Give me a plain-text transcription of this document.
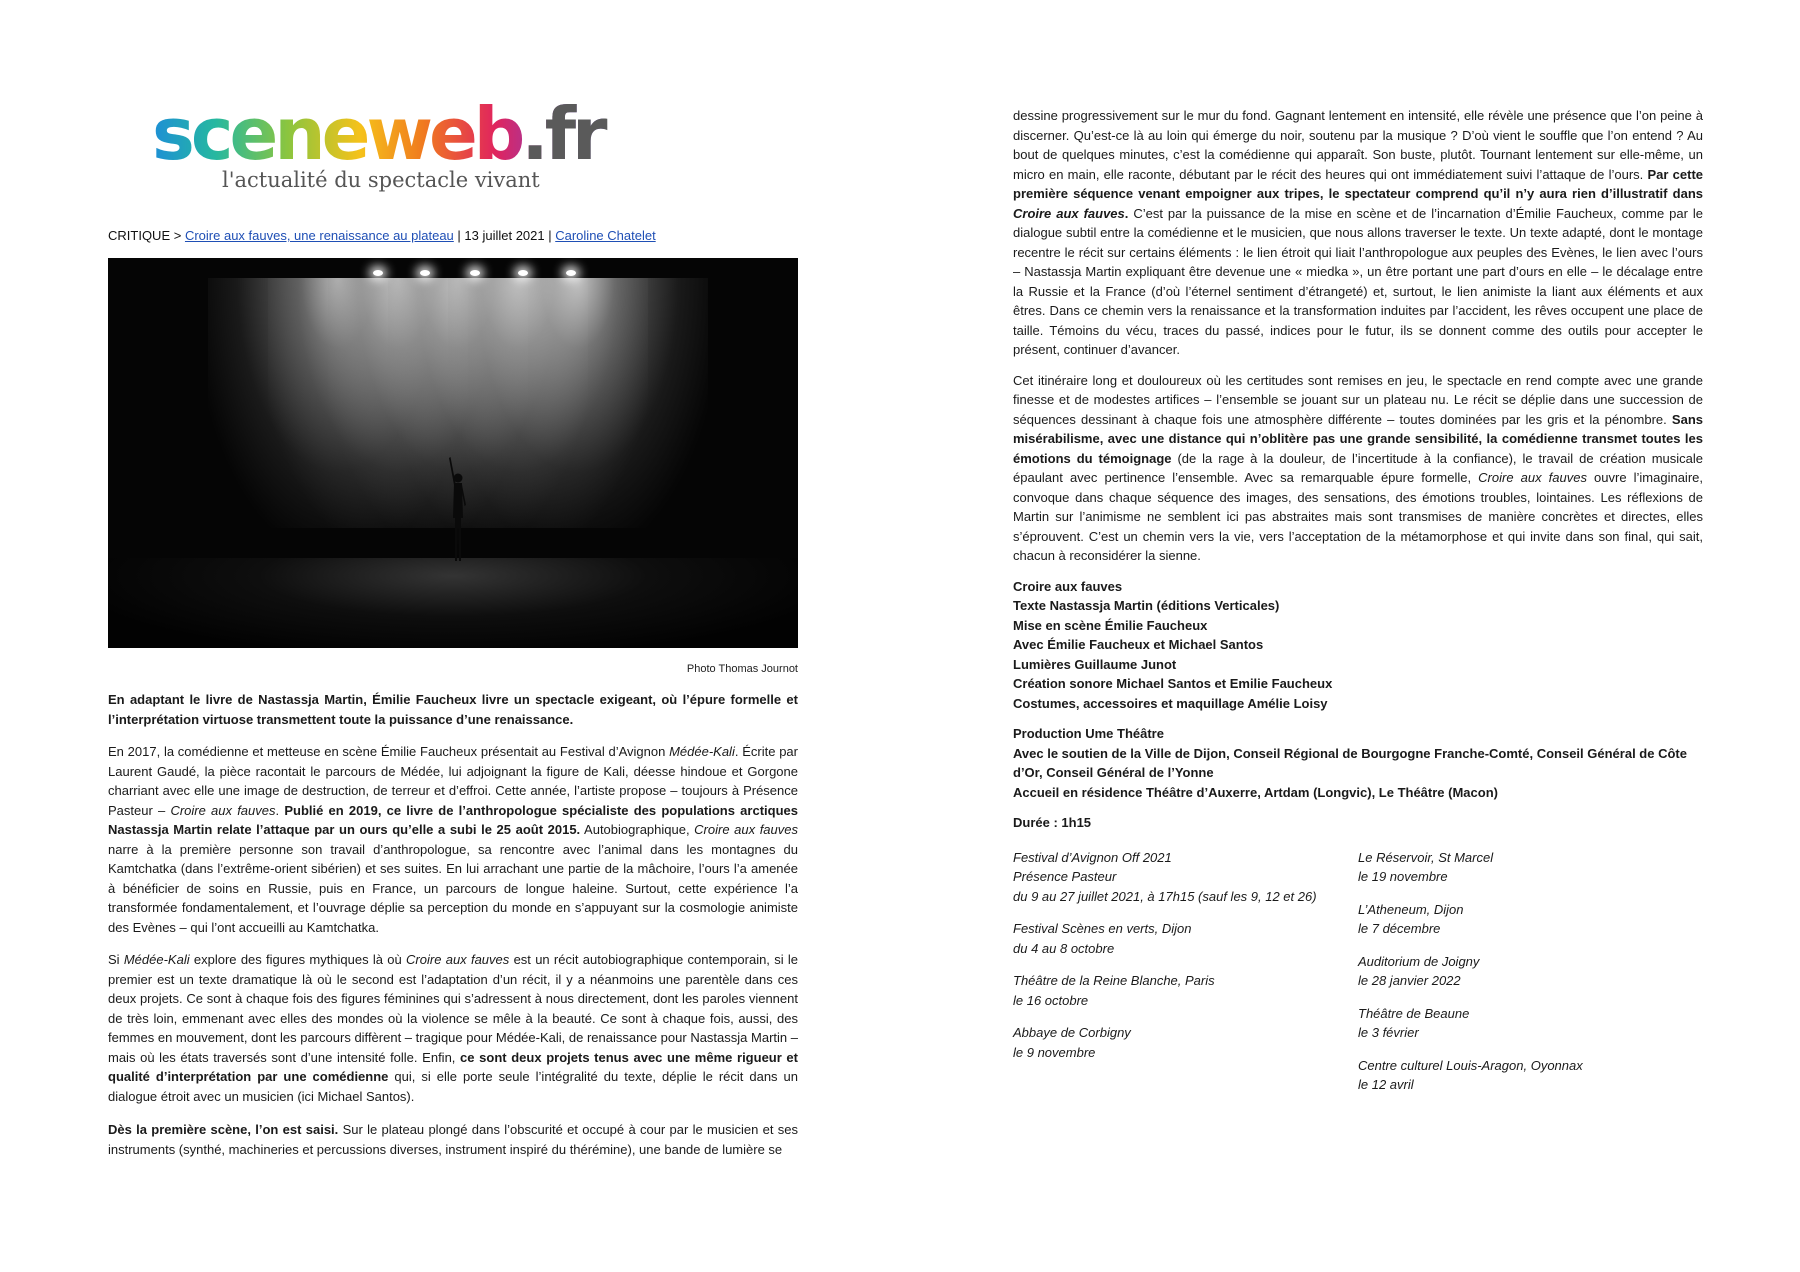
sceneweb.fr
l'actualité du spectacle vivant
CRITIQUE > Croire aux fauves, une renaissance au plateau | 13 juillet 2021 | Caroline Chatelet
Photo Thomas Journot

En adaptant le livre de Nastassja Martin, Émilie Faucheux livre un spectacle exigeant, où l’épure formelle et l’interprétation virtuose transmettent toute la puissance d’une renaissance.

En 2017, la comédienne et metteuse en scène Émilie Faucheux présentait au Festival d’Avignon Médée-Kali. Écrite par Laurent Gaudé, la pièce racontait le parcours de Médée, lui adjoignant la figure de Kali, déesse hindoue et Gorgone charriant avec elle une image de destruction, de terreur et d’effroi. Cette année, l’artiste propose – toujours à Présence Pasteur – Croire aux fauves. Publié en 2019, ce livre de l’anthropologue spécialiste des populations arctiques Nastassja Martin relate l’attaque par un ours qu’elle a subi le 25 août 2015. Autobiographique, Croire aux fauves narre à la première personne son travail d’anthropologue, sa rencontre avec l’animal dans les montagnes du Kamtchatka (dans l’extrême-orient sibérien) et ses suites. En lui arrachant une partie de la mâchoire, l’ours l’a amenée à bénéficier de soins en Russie, puis en France, un parcours de longue haleine. Surtout, cette expérience l’a transformée fondamentalement, et l’ouvrage déplie sa perception du monde en s’appuyant sur la cosmologie animiste des Evènes – qui l’ont accueilli au Kamtchatka.

Si Médée-Kali explore des figures mythiques là où Croire aux fauves est un récit autobiographique contemporain, si le premier est un texte dramatique là où le second est l’adaptation d’un récit, il y a néanmoins une parentèle dans ces deux projets. Ce sont à chaque fois des figures féminines qui s’adressent à nous directement, dont les paroles viennent de très loin, emmenant avec elles des mondes où la violence se mêle à la beauté. Ce sont à chaque fois, aussi, des femmes en mouvement, dont les parcours diffèrent – tragique pour Médée-Kali, de renaissance pour Nastassja Martin – mais où les états traversés sont d’une intensité folle. Enfin, ce sont deux projets tenus avec une même rigueur et qualité d’interprétation par une comédienne qui, si elle porte seule l’intégralité du texte, déplie le récit dans un dialogue étroit avec un musicien (ici Michael Santos).

Dès la première scène, l’on est saisi. Sur le plateau plongé dans l’obscurité et occupé à cour par le musicien et ses instruments (synthé, machineries et percussions diverses, instrument inspiré du thérémine), une bande de lumière se

dessine progressivement sur le mur du fond. Gagnant lentement en intensité, elle révèle une présence que l’on peine à discerner. Qu’est-ce là au loin qui émerge du noir, soutenu par la musique ? D’où vient le souffle que l’on entend ? Au bout de quelques minutes, c’est la comédienne qui apparaît. Son buste, plutôt. Tournant lentement sur elle-même, un micro en main, elle raconte, débutant par le récit des heures qui ont immédiatement suivi l’attaque de l’ours. Par cette première séquence venant empoigner aux tripes, le spectateur comprend qu’il n’y aura rien d’illustratif dans Croire aux fauves. C’est par la puissance de la mise en scène et de l’incarnation d’Émilie Faucheux, comme par le dialogue subtil entre la comédienne et le musicien, que nous allons traverser le texte. Un texte adapté, dont le montage recentre le récit sur certains éléments : le lien étroit qui liait l’anthropologue aux peuples des Evènes, le lien avec l’ours – Nastassja Martin expliquant être devenue une « miedka », un être portant une part d’ours en elle – le décalage entre la Russie et la France (d’où l’éternel sentiment d’étrangeté) et, surtout, le lien animiste la liant aux éléments et aux êtres. Dans ce chemin vers la renaissance et la transformation induites par l’accident, les rêves occupent une place de taille. Témoins du vécu, traces du passé, indices pour le futur, ils se donnent comme des outils pour accepter le présent, continuer d’avancer.

Cet itinéraire long et douloureux où les certitudes sont remises en jeu, le spectacle en rend compte avec une grande finesse et de modestes artifices – l’ensemble se jouant sur un plateau nu. Le récit se déplie dans une succession de séquences dessinant à chaque fois une atmosphère différente – toutes dominées par les gris et la pénombre. Sans misérabilisme, avec une distance qui n’oblitère pas une grande sensibilité, la comédienne transmet toutes les émotions du témoignage (de la rage à la douleur, de l’incertitude à la confiance), le travail de création musicale épaulant avec pertinence l’ensemble. Avec sa remarquable épure formelle, Croire aux fauves ouvre l’imaginaire, convoque dans chaque séquence des images, des sensations, des émotions troubles, lointaines. Les réflexions de Martin sur l’animisme ne semblent ici pas abstraites mais sont transmises de manière concrètes et directes, elles s’éprouvent. C’est un chemin vers la vie, vers l’acceptation de la métamorphose et qui invite dans son final, qui sait, chacun à reconsidérer la sienne.

Croire aux fauves
Texte Nastassja Martin (éditions Verticales)
Mise en scène Émilie Faucheux
Avec Émilie Faucheux et Michael Santos
Lumières Guillaume Junot
Création sonore Michael Santos et Emilie Faucheux
Costumes, accessoires et maquillage Amélie Loisy
Production Ume Théâtre
Avec le soutien de la Ville de Dijon, Conseil Régional de Bourgogne Franche-Comté, Conseil Général de Côte d’Or, Conseil Général de l’Yonne
Accueil en résidence Théâtre d’Auxerre, Artdam (Longvic), Le Théâtre (Macon)
Durée : 1h15
Festival d’Avignon Off 2021
Présence Pasteur
du 9 au 27 juillet 2021, à 17h15 (sauf les 9, 12 et 26)
Festival Scènes en verts, Dijon
du 4 au 8 octobre
Théâtre de la Reine Blanche, Paris
le 16 octobre
Abbaye de Corbigny
le 9 novembre
Le Réservoir, St Marcel
le 19 novembre
L’Atheneum, Dijon
le 7 décembre
Auditorium de Joigny
le 28 janvier 2022
Théâtre de Beaune
le 3 février
Centre culturel Louis-Aragon, Oyonnax
le 12 avril
